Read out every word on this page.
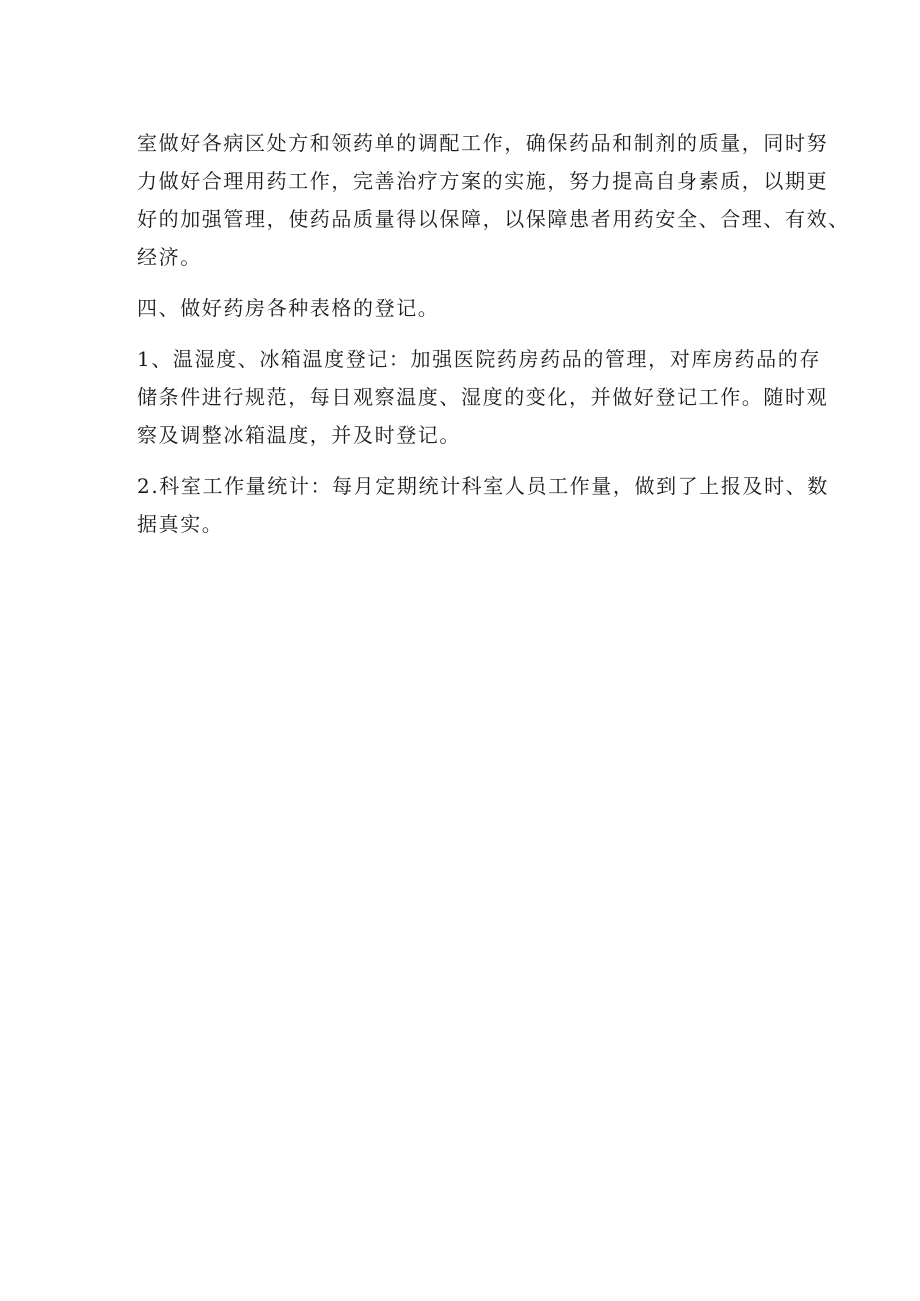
室做好各病区处方和领药单的调配工作，确保药品和制剂的质量，同时努
力做好合理用药工作，完善治疗方案的实施，努力提高自身素质，以期更
好的加强管理，使药品质量得以保障，以保障患者用药安全、合理、有效、
经济。
四、做好药房各种表格的登记。
1、温湿度、冰箱温度登记：加强医院药房药品的管理，对库房药品的存
储条件进行规范，每日观察温度、湿度的变化，并做好登记工作。随时观
察及调整冰箱温度，并及时登记。
2.科室工作量统计：每月定期统计科室人员工作量，做到了上报及时、数
据真实。
